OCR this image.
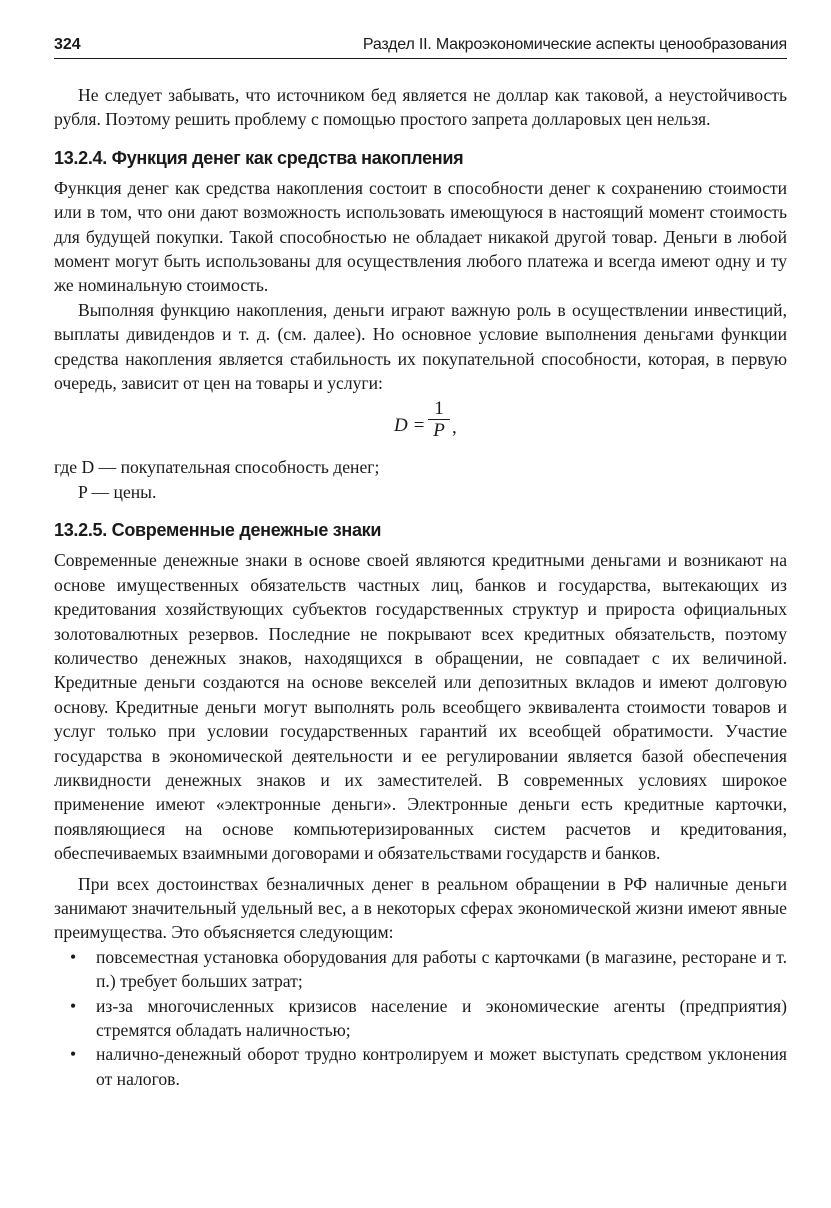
324	Раздел II. Макроэкономические аспекты ценообразования

Не следует забывать, что источником бед является не доллар как таковой, а неустойчивость рубля. Поэтому решить проблему с помощью простого запрета долларовых цен нельзя.

13.2.4. Функция денег как средства накопления

Функция денег как средства накопления состоит в способности денег к сохранению стоимости или в том, что они дают возможность использовать имеющуюся в настоящий момент стоимость для будущей покупки. Такой способностью не обладает никакой другой товар. Деньги в любой момент могут быть использованы для осуществления любого платежа и всегда имеют одну и ту же номинальную стоимость.

Выполняя функцию накопления, деньги играют важную роль в осуществлении инвестиций, выплаты дивидендов и т. д. (см. далее). Но основное условие выполнения деньгами функции средства накопления является стабильность их покупательной способности, которая, в первую очередь, зависит от цен на товары и услуги:

$D = \frac{1}{P}$ ,
где D — покупательная способность денег;
P — цены.
13.2.5. Современные денежные знаки

Современные денежные знаки в основе своей являются кредитными деньгами и возникают на основе имущественных обязательств частных лиц, банков и государства, вытекающих из кредитования хозяйствующих субъектов государственных структур и прироста официальных золотовалютных резервов. Последние не покрывают всех кредитных обязательств, поэтому количество денежных знаков, находящихся в обращении, не совпадает с их величиной. Кредитные деньги создаются на основе векселей или депозитных вкладов и имеют долговую основу. Кредитные деньги могут выполнять роль всеобщего эквивалента стоимости товаров и услуг только при условии государственных гарантий их всеобщей обратимости. Участие государства в экономической деятельности и ее регулировании является базой обеспечения ликвидности денежных знаков и их заместителей. В современных условиях широкое применение имеют «электронные деньги». Электронные деньги есть кредитные карточки, появляющиеся на основе компьютеризированных систем расчетов и кредитования, обеспечиваемых взаимными договорами и обязательствами государств и банков.

При всех достоинствах безналичных денег в реальном обращении в РФ наличные деньги занимают значительный удельный вес, а в некоторых сферах экономической жизни имеют явные преимущества. Это объясняется следующим:

• повсеместная установка оборудования для работы с карточками (в магазине, ресторане и т. п.) требует больших затрат;
• из-за многочисленных кризисов население и экономические агенты (предприятия) стремятся обладать наличностью;
• налично-денежный оборот трудно контролируем и может выступать средством уклонения от налогов.
